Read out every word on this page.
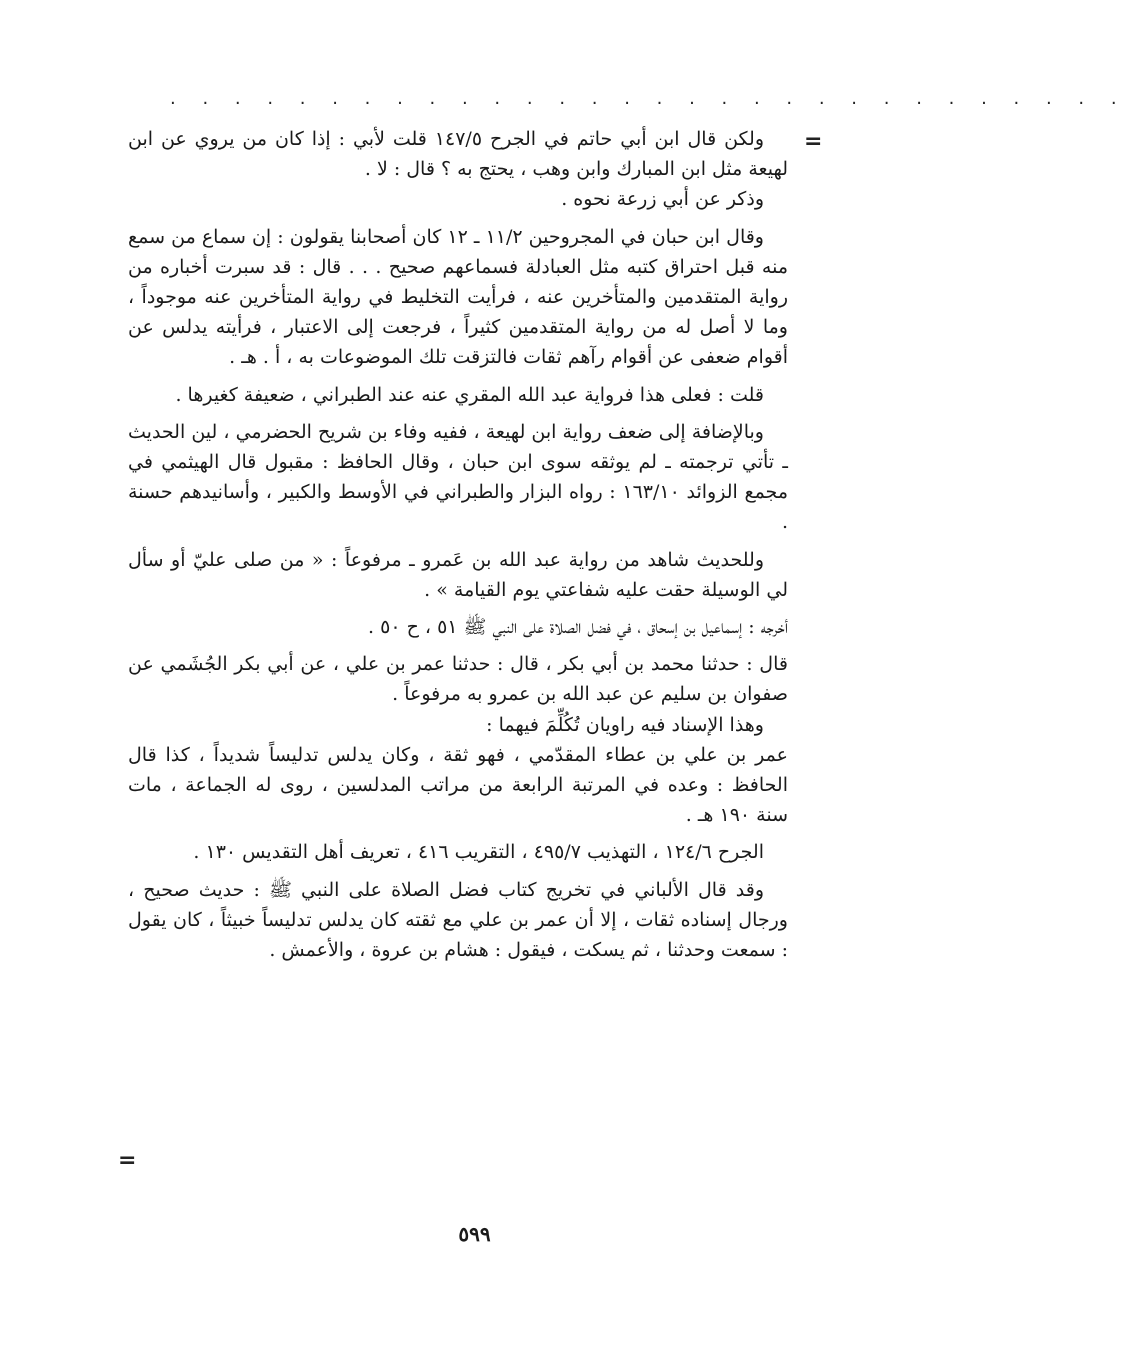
. . . . . . . . . . . . . . . . . . . . . . . . . . . . . .
=

ولكن قال ابن أبي حاتم في الجرح ١٤٧/٥ قلت لأبي : إذا كان من يروي عن ابن لهيعة مثل ابن المبارك وابن وهب ، يحتج به ؟ قال : لا .

وذكر عن أبي زرعة نحوه .

وقال ابن حبان في المجروحين ١١/٢ ـ ١٢ كان أصحابنا يقولون : إن سماع من سمع منه قبل احتراق كتبه مثل العبادلة فسماعهم صحيح . . . قال : قد سبرت أخباره من رواية المتقدمين والمتأخرين عنه ، فرأيت التخليط في رواية المتأخرين عنه موجوداً ، وما لا أصل له من رواية المتقدمين كثيراً ، فرجعت إلى الاعتبار ، فرأيته يدلس عن أقوام ضعفى عن أقوام رآهم ثقات فالتزقت تلك الموضوعات به ، أ . هـ .

قلت : فعلى هذا فرواية عبد الله المقري عنه عند الطبراني ، ضعيفة كغيرها .

وبالإضافة إلى ضعف رواية ابن لهيعة ، ففيه وفاء بن شريح الحضرمي ، لين الحديث ـ تأتي ترجمته ـ لم يوثقه سوى ابن حبان ، وقال الحافظ : مقبول قال الهيثمي في مجمع الزوائد ١٦٣/١٠ : رواه البزار والطبراني في الأوسط والكبير ، وأسانيدهم حسنة .

وللحديث شاهد من رواية عبد الله بن عَمرو ـ مرفوعاً : « من صلى عليّ أو سأل لي الوسيلة حقت عليه شفاعتي يوم القيامة » .

أخرجه : إسماعيل بن إسحاق ، في فضل الصلاة على النبي ﷺ ٥١ ، ح ٥٠ .

قال : حدثنا محمد بن أبي بكر ، قال : حدثنا عمر بن علي ، عن أبي بكر الجُشَمي عن صفوان بن سليم عن عبد الله بن عمرو به مرفوعاً .

وهذا الإسناد فيه راويان تُكُلِّمَ فيهما :

عمر بن علي بن عطاء المقدّمي ، فهو ثقة ، وكان يدلس تدليساً شديداً ، كذا قال الحافظ : وعده في المرتبة الرابعة من مراتب المدلسين ، روى له الجماعة ، مات سنة ١٩٠ هـ .

الجرح ١٢٤/٦ ، التهذيب ٤٩٥/٧ ، التقريب ٤١٦ ، تعريف أهل التقديس ١٣٠ .

وقد قال الألباني في تخريج كتاب فضل الصلاة على النبي ﷺ : حديث صحيح ، ورجال إسناده ثقات ، إلا أن عمر بن علي مع ثقته كان يدلس تدليساً خبيثاً ، كان يقول : سمعت وحدثنا ، ثم يسكت ، فيقول : هشام بن عروة ، والأعمش .

=
٥٩٩
